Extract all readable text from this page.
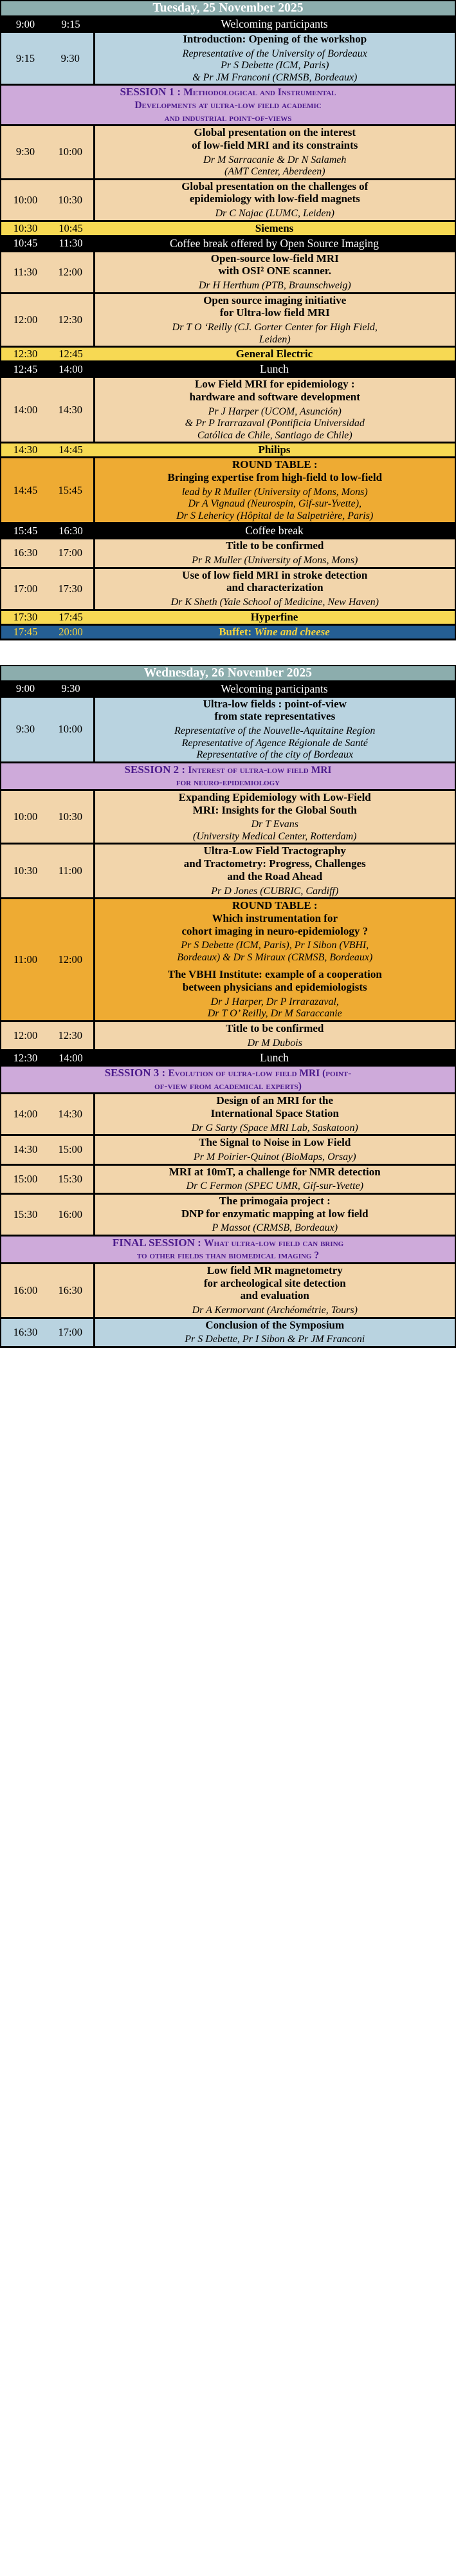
Tuesday, 25 November 2025		
9:00	9:15	Welcoming participants
9:15	9:30	Introduction: Opening of the workshop
Representative of the University of Bordeaux
Pr S Debette (ICM, Paris)
& Pr JM Franconi (CRMSB, Bordeaux)

SESSION 1 : Methodological and Instrumental
Developments at ultra-low field academic
and industrial point-of-views		
9:30	10:00	Global presentation on the interest
of low-field MRI and its constraints
Dr M Sarracanie & Dr N Salameh
(AMT Center, Aberdeen)

10:00	10:30	Global presentation on the challenges of
epidemiology with low-field magnets
Dr C Najac (LUMC, Leiden)

10:30	10:45	Siemens
10:45	11:30	Coffee break offered by Open Source Imaging
11:30	12:00	Open-source low-field MRI
with OSI² ONE scanner.
Dr H Herthum (PTB, Braunschweig)

12:00	12:30	Open source imaging initiative
for Ultra-low field MRI
Dr T O ‘Reilly (CJ. Gorter Center for High Field,
Leiden)

12:30	12:45	General Electric
12:45	14:00	Lunch
14:00	14:30	Low Field MRI for epidemiology :
hardware and software development
Pr J Harper (UCOM, Asunción)
& Pr P Irarrazaval (Pontificia Universidad
Católica de Chile, Santiago de Chile)

14:30	14:45	Philips
14:45	15:45	ROUND TABLE :
Bringing expertise from high-field to low-field
lead by R Muller (University of Mons, Mons)
Dr A Vignaud (Neurospin, Gif-sur-Yvette),
Dr S Lehericy (Hôpital de la Salpetrière, Paris)

15:45	16:30	Coffee break
16:30	17:00	Title to be confirmed
Pr R Muller (University of Mons, Mons)

17:00	17:30	Use of low field MRI in stroke detection
and characterization
Dr K Sheth (Yale School of Medicine, New Haven)

17:30	17:45	Hyperfine
17:45	20:00	Buffet: Wine and cheese
Wednesday, 26 November 2025		
9:00	9:30	Welcoming participants
9:30	10:00	Ultra-low fields : point-of-view
from state representatives
Representative of the Nouvelle-Aquitaine Region
Representative of Agence Régionale de Santé
Representative of the city of Bordeaux

SESSION 2 : Interest of ultra-low field MRI
for neuro-epidemiology		
10:00	10:30	Expanding Epidemiology with Low-Field
MRI: Insights for the Global South
Dr T Evans
(University Medical Center, Rotterdam)

10:30	11:00	Ultra-Low Field Tractography
and Tractometry: Progress, Challenges
and the Road Ahead
Pr D Jones (CUBRIC, Cardiff)

11:00	12:00	
ROUND TABLE :
Which instrumentation for
cohort imaging in neuro-epidemiology ?
Pr S Debette (ICM, Paris), Pr I Sibon (VBHI,
Bordeaux) & Dr S Miraux (CRMSB, Bordeaux)
The VBHI Institute: example of a cooperation
between physicians and epidemiologists
Dr J Harper, Dr P Irrarazaval,
Dr T O’ Reilly, Dr M Saraccanie

12:00	12:30	Title to be confirmed
Dr M Dubois

12:30	14:00	Lunch
SESSION 3 : Evolution of ultra-low field MRI (point-
of-view from academical experts)		
14:00	14:30	Design of an MRI for the
International Space Station
Dr G Sarty (Space MRI Lab, Saskatoon)

14:30	15:00	The Signal to Noise in Low Field
Pr M Poirier-Quinot (BioMaps, Orsay)

15:00	15:30	MRI at 10mT, a challenge for NMR detection
Dr C Fermon (SPEC UMR, Gif-sur-Yvette)

15:30	16:00	The primogaia project :
DNP for enzymatic mapping at low field
P Massot (CRMSB, Bordeaux)

FINAL SESSION : What ultra-low field can bring
to other fields than biomedical imaging ?		
16:00	16:30	Low field MR magnetometry
for archeological site detection
and evaluation
Dr A Kermorvant (Archéométrie, Tours)

16:30	17:00	Conclusion of the Symposium
Pr S Debette, Pr I Sibon & Pr JM Franconi
